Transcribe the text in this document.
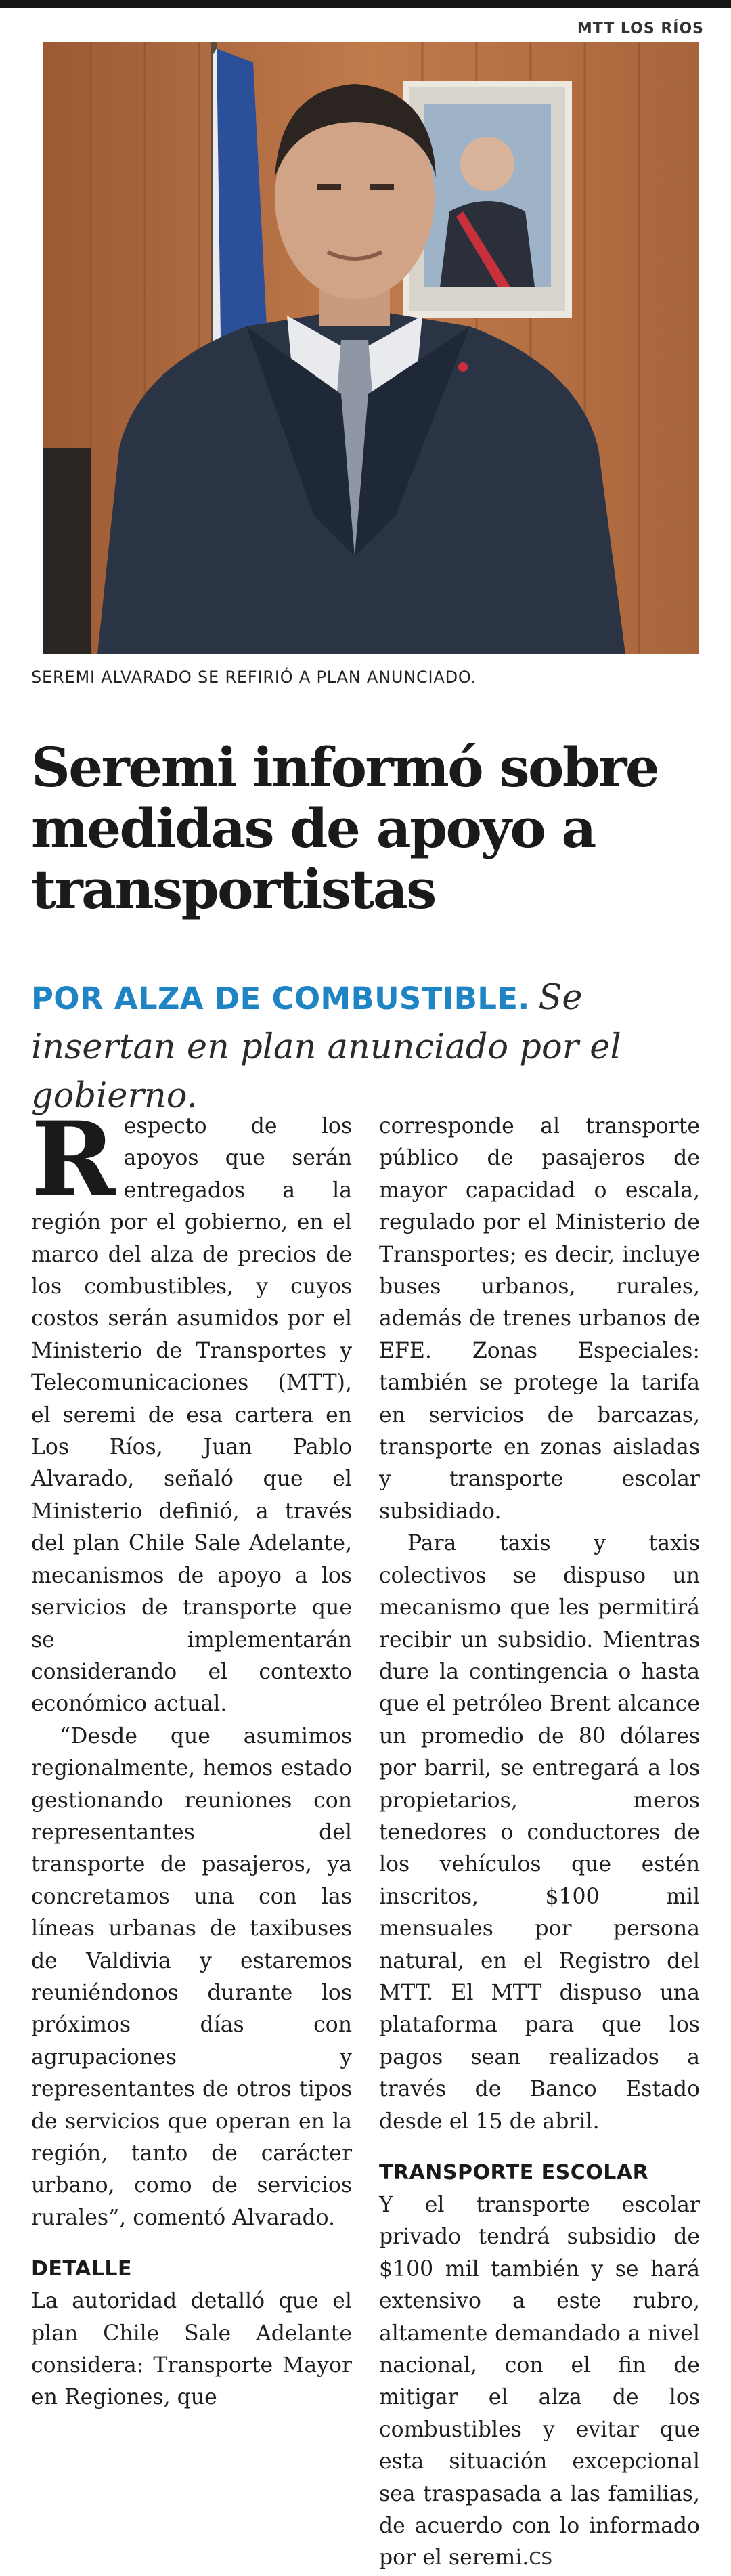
MTT LOS RÍOS
SEREMI ALVARADO SE REFIRIÓ A PLAN ANUNCIADO.
Seremi informó sobre medidas de apoyo a transportistas

POR ALZA DE COMBUSTIBLE. Se insertan en plan anunciado por el gobierno.

Respecto de los apoyos que serán entregados a la región por el gobierno, en el marco del alza de precios de los combustibles, y cuyos costos serán asumidos por el Ministerio de Transportes y Telecomunicaciones (MTT), el seremi de esa cartera en Los Ríos, Juan Pablo Alvarado, señaló que el Ministerio definió, a través del plan Chile Sale Adelante, mecanismos de apoyo a los servicios de transporte que se implementarán considerando el contexto económico actual.

“Desde que asumimos regionalmente, hemos estado gestionando reuniones con representantes del transporte de pasajeros, ya concretamos una con las líneas urbanas de taxibuses de Valdivia y estaremos reuniéndonos durante los próximos días con agrupaciones y representantes de otros tipos de servicios que operan en la región, tanto de carácter urbano, como de servicios rurales”, comentó Alvarado.

DETALLE

La autoridad detalló que el plan Chile Sale Adelante considera: Transporte Mayor en Regiones, que

corresponde al transporte público de pasajeros de mayor capacidad o escala, regulado por el Ministerio de Transportes; es decir, incluye buses urbanos, rurales, además de trenes urbanos de EFE. Zonas Especiales: también se protege la tarifa en servicios de barcazas, transporte en zonas aisladas y transporte escolar subsidiado.

Para taxis y taxis colectivos se dispuso un mecanismo que les permitirá recibir un subsidio. Mientras dure la contingencia o hasta que el petróleo Brent alcance un promedio de 80 dólares por barril, se entregará a los propietarios, meros tenedores o conductores de los vehículos que estén inscritos, $100 mil mensuales por persona natural, en el Registro del MTT. El MTT dispuso una plataforma para que los pagos sean realizados a través de Banco Estado desde el 15 de abril.

TRANSPORTE ESCOLAR

Y el transporte escolar privado tendrá subsidio de $100 mil también y se hará extensivo a este rubro, altamente demandado a nivel nacional, con el fin de mitigar el alza de los combustibles y evitar que esta situación excepcional sea traspasada a las familias, de acuerdo con lo informado por el seremi.CS
